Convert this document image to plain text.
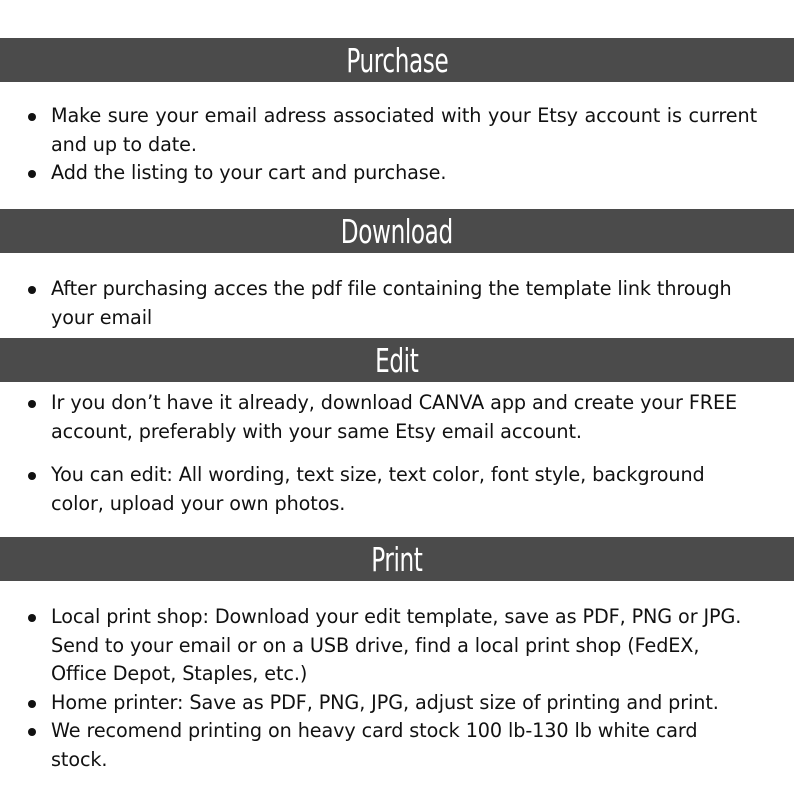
Purchase
Make sure your email adress associated with your Etsy account is current and up to date.
Add the listing to your cart and purchase.
Download
After purchasing acces the pdf file containing the template link through your email
Edit
Ir you don’t have it already, download CANVA app and create your FREE account, preferably with your same Etsy email account.
You can edit: All wording, text size, text color, font style, background color, upload your own photos.
Print
Local print shop: Download your edit template, save as PDF, PNG or JPG. Send to your email or on a USB drive, find a local print shop (FedEX, Office Depot, Staples, etc.)
Home printer: Save as PDF, PNG, JPG, adjust size of printing and print.
We recomend printing on heavy card stock 100 lb-130 lb white card stock.
